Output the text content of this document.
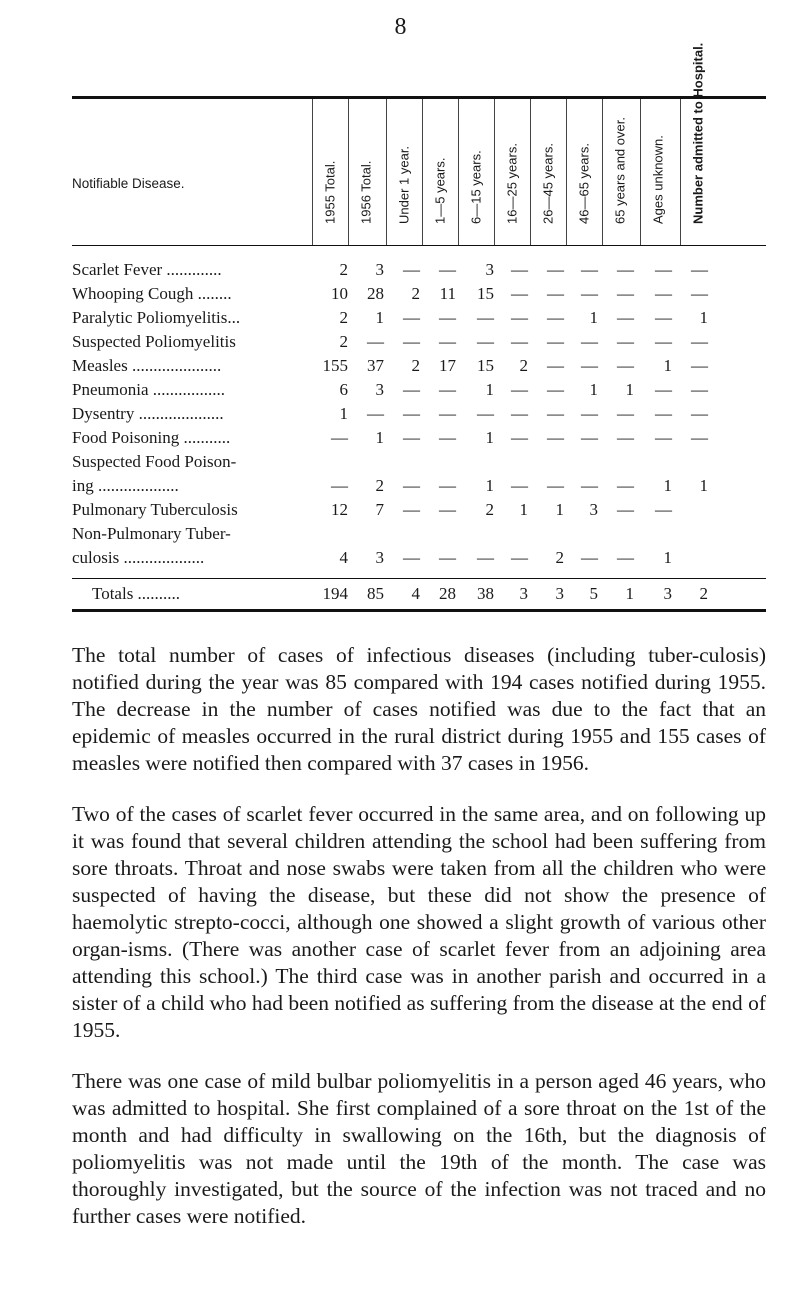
8
Notifiable Disease.	1955 Total. 1956 Total. Under 1 year. 1—5 years. 6—15 years. 16—25 years. 26—45 years. 46—65 years. 65 years and over. Ages unknown. Number admitted to Hospital.
Scarlet Fever .............	2	3	—	—	3	—	—	—	—	—	—
Whooping Cough ........	10	28	2	11	15	—	—	—	—	—	—
Paralytic Poliomyelitis...	2	1	—	—	—	—	—	1	—	—	1
Suspected Poliomyelitis	2	—	—	—	—	—	—	—	—	—	—
Measles .....................	155	37	2	17	15	2	—	—	—	1	—
Pneumonia .................	6	3	—	—	1	—	—	1	1	—	—
Dysentry ....................	1	—	—	—	—	—	—	—	—	—	—
Food Poisoning ...........	—	1	—	—	1	—	—	—	—	—	—
Suspected Food Poison-
ing ...................	—	2	—	—	1	—	—	—	—	1	1
Pulmonary Tuberculosis	12	7	—	—	2	1	1	3	—	—
Non-Pulmonary Tuber-
culosis ...................	4	3	—	—	—	—	2	—	—	1
Totals ..........	194	85	4	28	38	3	3	5	1	3	2

The total number of cases of infectious diseases (including tuber-culosis) notified during the year was 85 compared with 194 cases notified during 1955. The decrease in the number of cases notified was due to the fact that an epidemic of measles occurred in the rural district during 1955 and 155 cases of measles were notified then compared with 37 cases in 1956.

Two of the cases of scarlet fever occurred in the same area, and on following up it was found that several children attending the school had been suffering from sore throats. Throat and nose swabs were taken from all the children who were suspected of having the disease, but these did not show the presence of haemolytic strepto-cocci, although one showed a slight growth of various other organ-isms. (There was another case of scarlet fever from an adjoining area attending this school.) The third case was in another parish and occurred in a sister of a child who had been notified as suffering from the disease at the end of 1955.

There was one case of mild bulbar poliomyelitis in a person aged 46 years, who was admitted to hospital. She first complained of a sore throat on the 1st of the month and had difficulty in swallowing on the 16th, but the diagnosis of poliomyelitis was not made until the 19th of the month. The case was thoroughly investigated, but the source of the infection was not traced and no further cases were notified.
